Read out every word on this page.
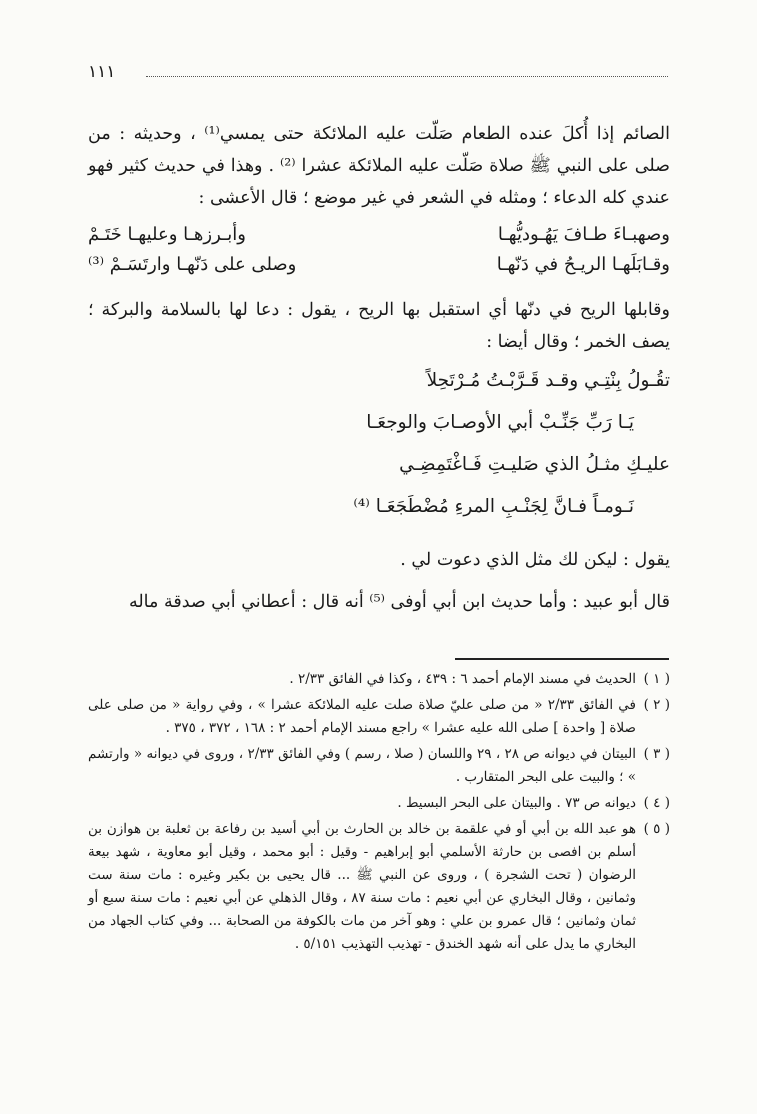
١١١

الصائم إذا أُكلَ عنده الطعام صَلّت عليه الملائكة حتى يمسي⁽¹⁾ ، وحديثه : من صلى على النبي ﷺ صلاة صَلّت عليه الملائكة عشرا ⁽²⁾ . وهذا في حديث كثير فهو عندي كله الدعاء ؛ ومثله في الشعر في غير موضع ؛ قال الأعشى :

وصهبـاءَ طـافَ يَهُـوديُّهـا
وأبـرزهـا وعليهـا خَتَـمْ
وقـابَلَهـا الريـحُ في دَنّهـا
وصلى على دَنّهـا وارتَسَـمْ ⁽³⁾

وقابلها الريح في دنّها أي استقبل بها الريح ، يقول : دعا لها بالسلامة والبركة ؛ يصف الخمر ؛ وقال أيضا :

تقُـولُ بِنْتِـي وقـد قَـرَّبْـتُ مُـرْتَحِلاً
يَـا رَبِّ جَنِّـبْ أبي الأوصـابَ والوجعَـا
عليـكِ مثـلُ الذي صَليـتِ فَـاغْتَمِضِـي
نَـومـاً فـانَّ لِجَنْـبِ المرءِ مُضْطَجَعَـا ⁽⁴⁾

يقول : ليكن لك مثل الذي دعوت لي .

قال أبو عبيد : وأما حديث ابن أبي أوفى ⁽⁵⁾ أنه قال : أعطاني أبي صدقة ماله

( ١ )
الحديث في مسند الإمام أحمد ٦ : ٤٣٩ ، وكذا في الفائق ٢/٣٣ .
( ٢ )
في الفائق ٢/٣٣ « من صلى عليّ صلاة صلت عليه الملائكة عشرا » ، وفي رواية « من صلى على صلاة [ واحدة ] صلى الله عليه عشرا » راجع مسند الإمام أحمد ٢ : ١٦٨ ، ٣٧٢ ، ٣٧٥ .
( ٣ )
البيتان في ديوانه ص ٢٨ ، ٢٩ واللسان ( صلا ، رسم ) وفي الفائق ٢/٣٣ ، وروى في ديوانه « وارتشم » ؛ والبيت على البحر المتقارب .
( ٤ )
ديوانه ص ٧٣ . والبيتان على البحر البسيط .
( ٥ )
هو عبد الله بن أبي أو في علقمة بن خالد بن الحارث بن أبي أسيد بن رفاعة بن ثعلبة بن هوازن بن أسلم بن افصى بن حارثة الأسلمي أبو إبراهيم - وقيل : أبو محمد ، وقيل أبو معاوية ، شهد بيعة الرضوان ( تحت الشجرة ) ، وروى عن النبي ﷺ ... قال يحيى بن بكير وغيره : مات سنة ست وثمانين ، وقال البخاري عن أبي نعيم : مات سنة ٨٧ ، وقال الذهلي عن أبي نعيم : مات سنة سبع أو ثمان وثمانين ؛ قال عمرو بن علي : وهو آخر من مات بالكوفة من الصحابة ... وفي كتاب الجهاد من البخاري ما يدل على أنه شهد الخندق - تهذيب التهذيب ٥/١٥١ .
